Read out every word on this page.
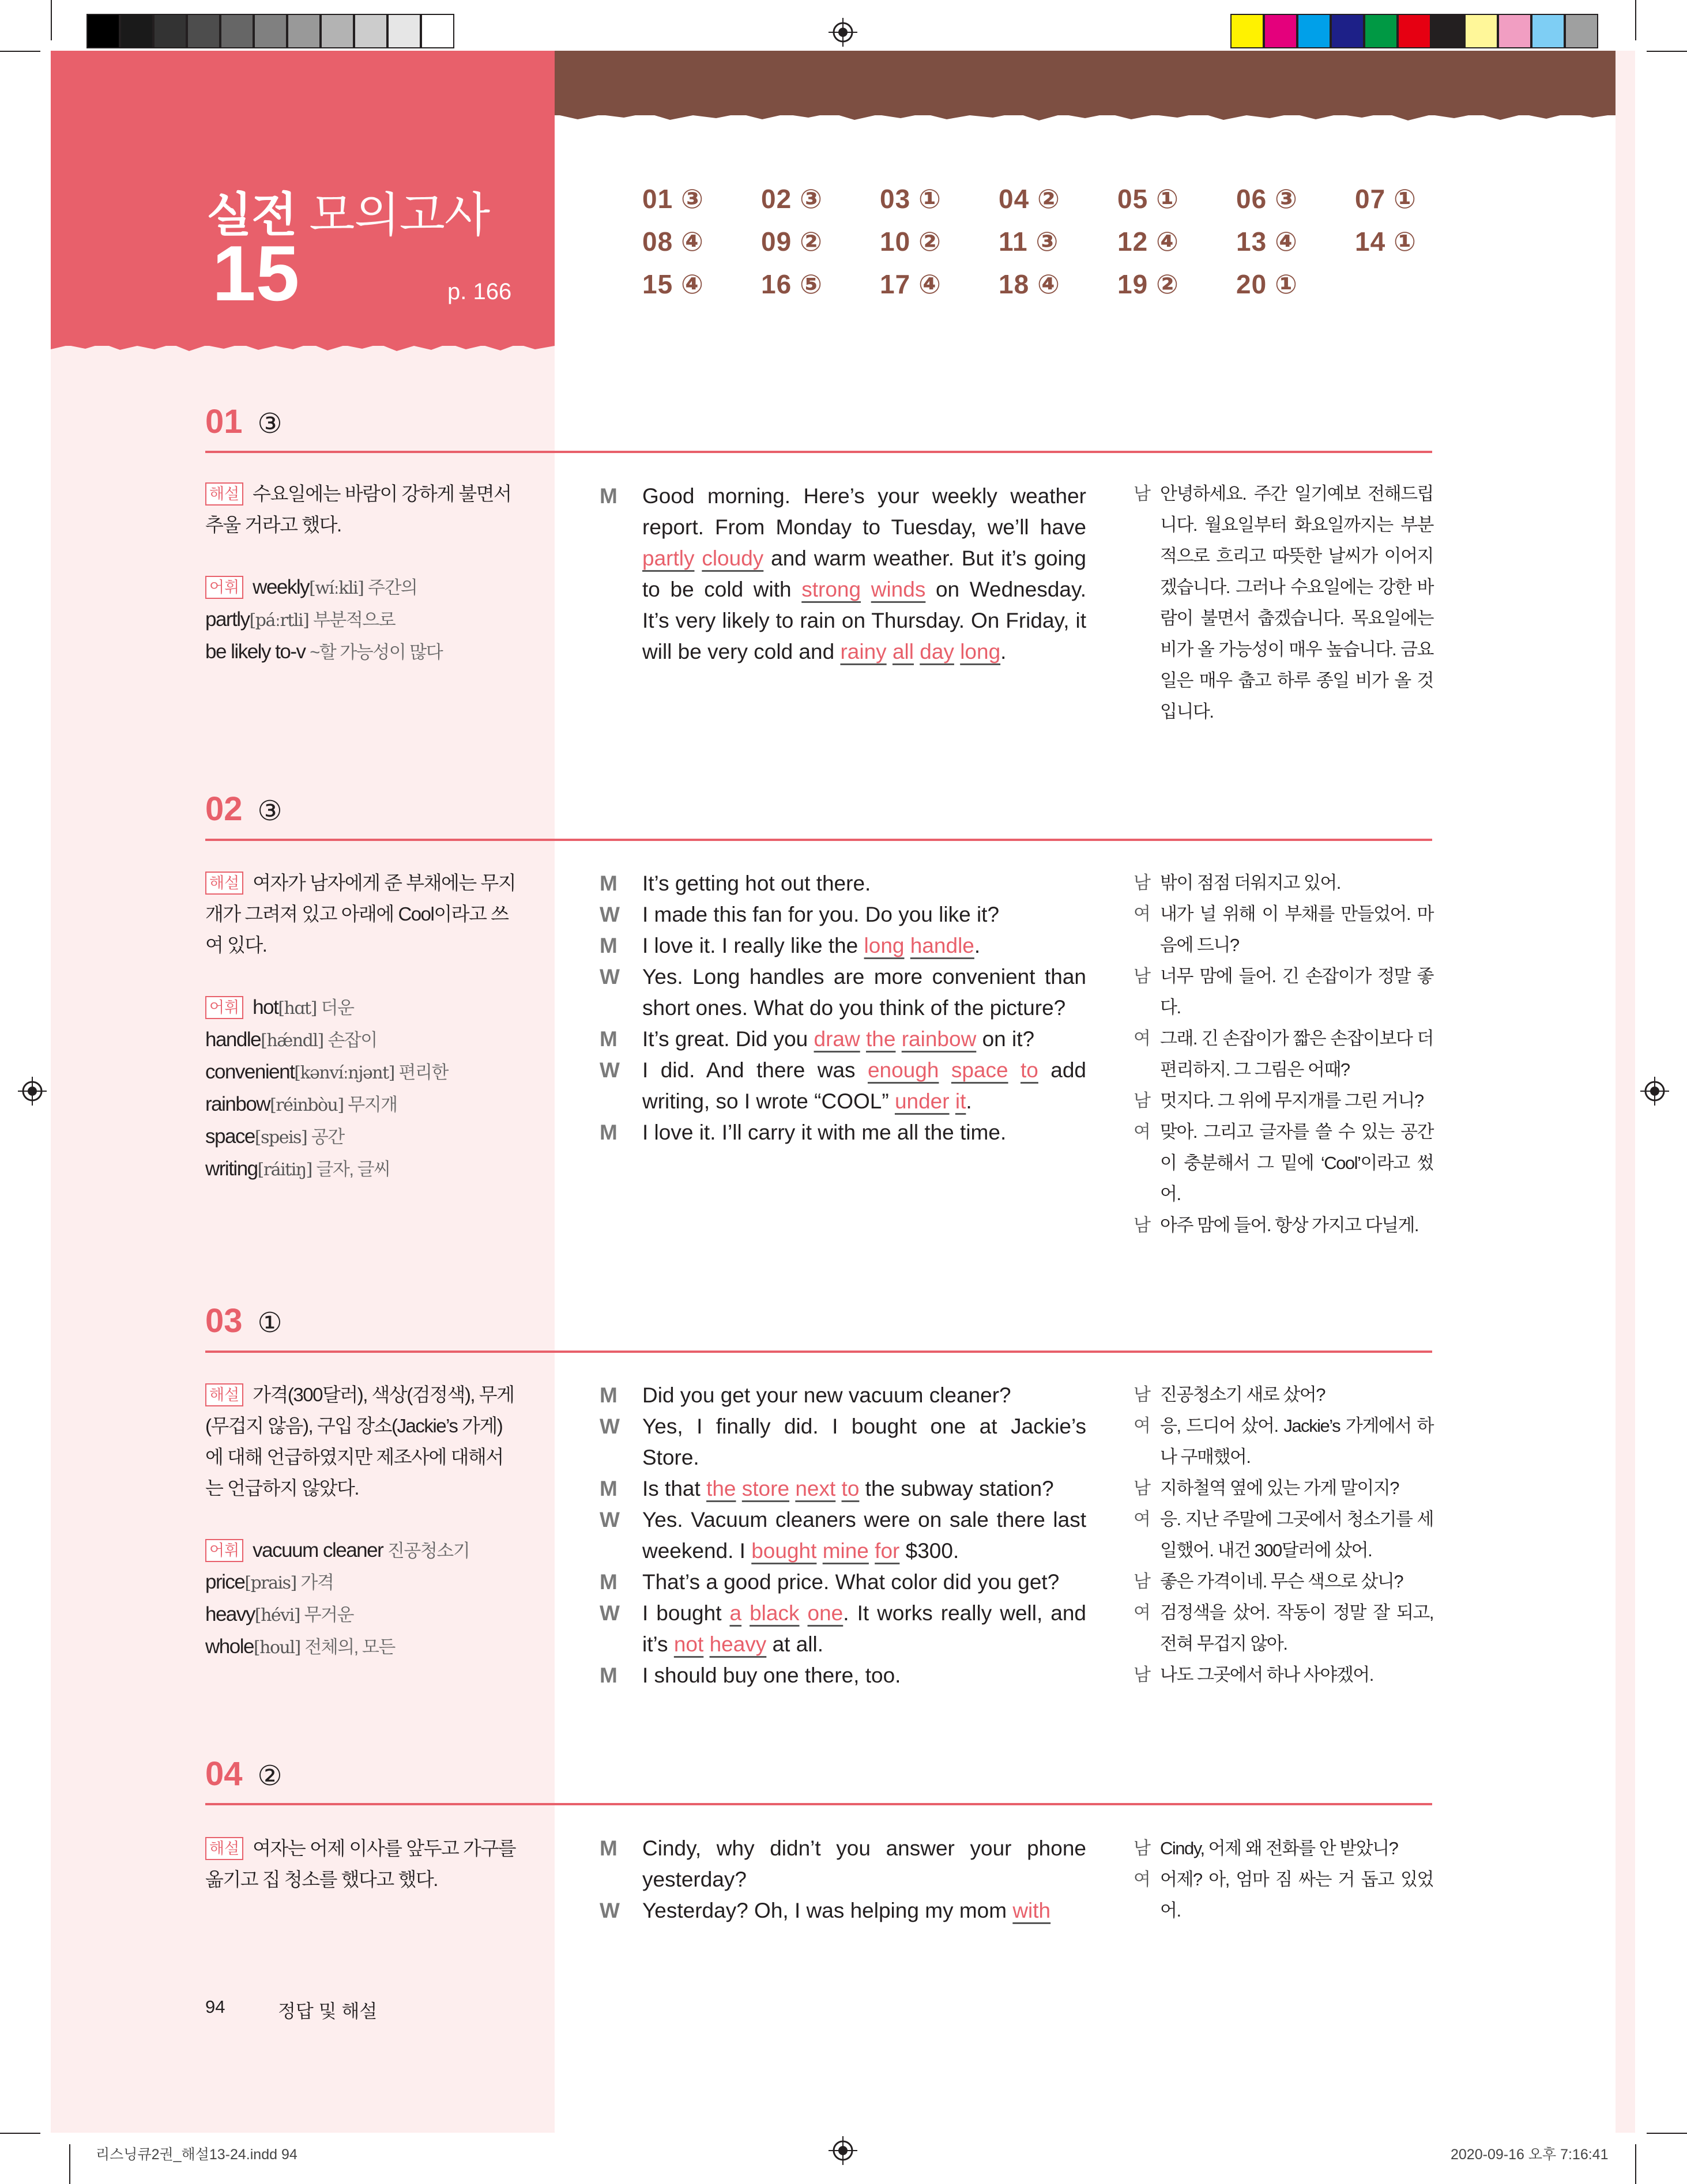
실전 모의고사
15	p. 166
01 ③ 02 ③ 03 ① 04 ② 05 ① 06 ③ 07 ①
08 ④ 09 ② 10 ② 11 ③ 12 ④ 13 ④ 14 ①
15 ④ 16 ⑤ 17 ④ 18 ④ 19 ② 20 ①
01 ③
해설 수요일에는 바람이 강하게 불면서 추울 거라고 했다.
어휘 weekly[wíːkli] 주간의
partly[páːrtli] 부분적으로
be likely to-v ~할 가능성이 많다
M	Good morning. Here’s your weekly weather report. From Monday to Tuesday, we’ll have partly cloudy and warm weather. But it’s going to be cold with strong winds on Wednesday. It’s very likely to rain on Thursday. On Friday, it will be very cold and rainy all day long.
남 안녕하세요. 주간 일기예보 전해드립니다. 월요일부터 화요일까지는 부분적으로 흐리고 따뜻한 날씨가 이어지겠습니다. 그러나 수요일에는 강한 바람이 불면서 춥겠습니다. 목요일에는 비가 올 가능성이 매우 높습니다. 금요일은 매우 춥고 하루 종일 비가 올 것입니다.
02 ③
해설 여자가 남자에게 준 부채에는 무지개가 그려져 있고 아래에 Cool이라고 쓰여 있다.
어휘 hot[hɑt] 더운
handle[hǽndl] 손잡이
convenient[kənvíːnjənt] 편리한
rainbow[réinbòu] 무지개
space[speis] 공간
writing[ráitiŋ] 글자, 글씨
M	It’s getting hot out there.
W	I made this fan for you. Do you like it?
M	I love it. I really like the long handle.
W	Yes. Long handles are more convenient than short ones. What do you think of the picture?
M	It’s great. Did you draw the rainbow on it?
W	I did. And there was enough space to add writing, so I wrote “COOL” under it.
M	I love it. I’ll carry it with me all the time.
남 밖이 점점 더워지고 있어.
여 내가 널 위해 이 부채를 만들었어. 마음에 드니?
남 너무 맘에 들어. 긴 손잡이가 정말 좋다.
여 그래. 긴 손잡이가 짧은 손잡이보다 더 편리하지. 그 그림은 어때?
남 멋지다. 그 위에 무지개를 그린 거니?
여 맞아. 그리고 글자를 쓸 수 있는 공간이 충분해서 그 밑에 ‘Cool’이라고 썼어.
남 아주 맘에 들어. 항상 가지고 다닐게.
03 ①
해설 가격(300달러), 색상(검정색), 무게(무겁지 않음), 구입 장소(Jackie’s 가게)에 대해 언급하였지만 제조사에 대해서는 언급하지 않았다.
어휘 vacuum cleaner 진공청소기
price[prais] 가격
heavy[hévi] 무거운
whole[houl] 전체의, 모든
M	Did you get your new vacuum cleaner?
W	Yes, I finally did. I bought one at Jackie’s Store.
M	Is that the store next to the subway station?
W	Yes. Vacuum cleaners were on sale there last weekend. I bought mine for $300.
M	That’s a good price. What color did you get?
W	I bought a black one. It works really well, and it’s not heavy at all.
M	I should buy one there, too.
남 진공청소기 새로 샀어?
여 응, 드디어 샀어. Jackie’s 가게에서 하나 구매했어.
남 지하철역 옆에 있는 가게 말이지?
여 응. 지난 주말에 그곳에서 청소기를 세일했어. 내건 300달러에 샀어.
남 좋은 가격이네. 무슨 색으로 샀니?
여 검정색을 샀어. 작동이 정말 잘 되고, 전혀 무겁지 않아.
남 나도 그곳에서 하나 사야겠어.
04 ②
해설 여자는 어제 이사를 앞두고 가구를 옮기고 집 청소를 했다고 했다.
M	Cindy, why didn’t you answer your phone yesterday?
W	Yesterday? Oh, I was helping my mom with
남 Cindy, 어제 왜 전화를 안 받았니?
여 어제? 아, 엄마 짐 싸는 거 돕고 있었어.
94	정답 및 해설
리스닝큐2권_해설13-24.indd 94	2020-09-16 오후 7:16:41
